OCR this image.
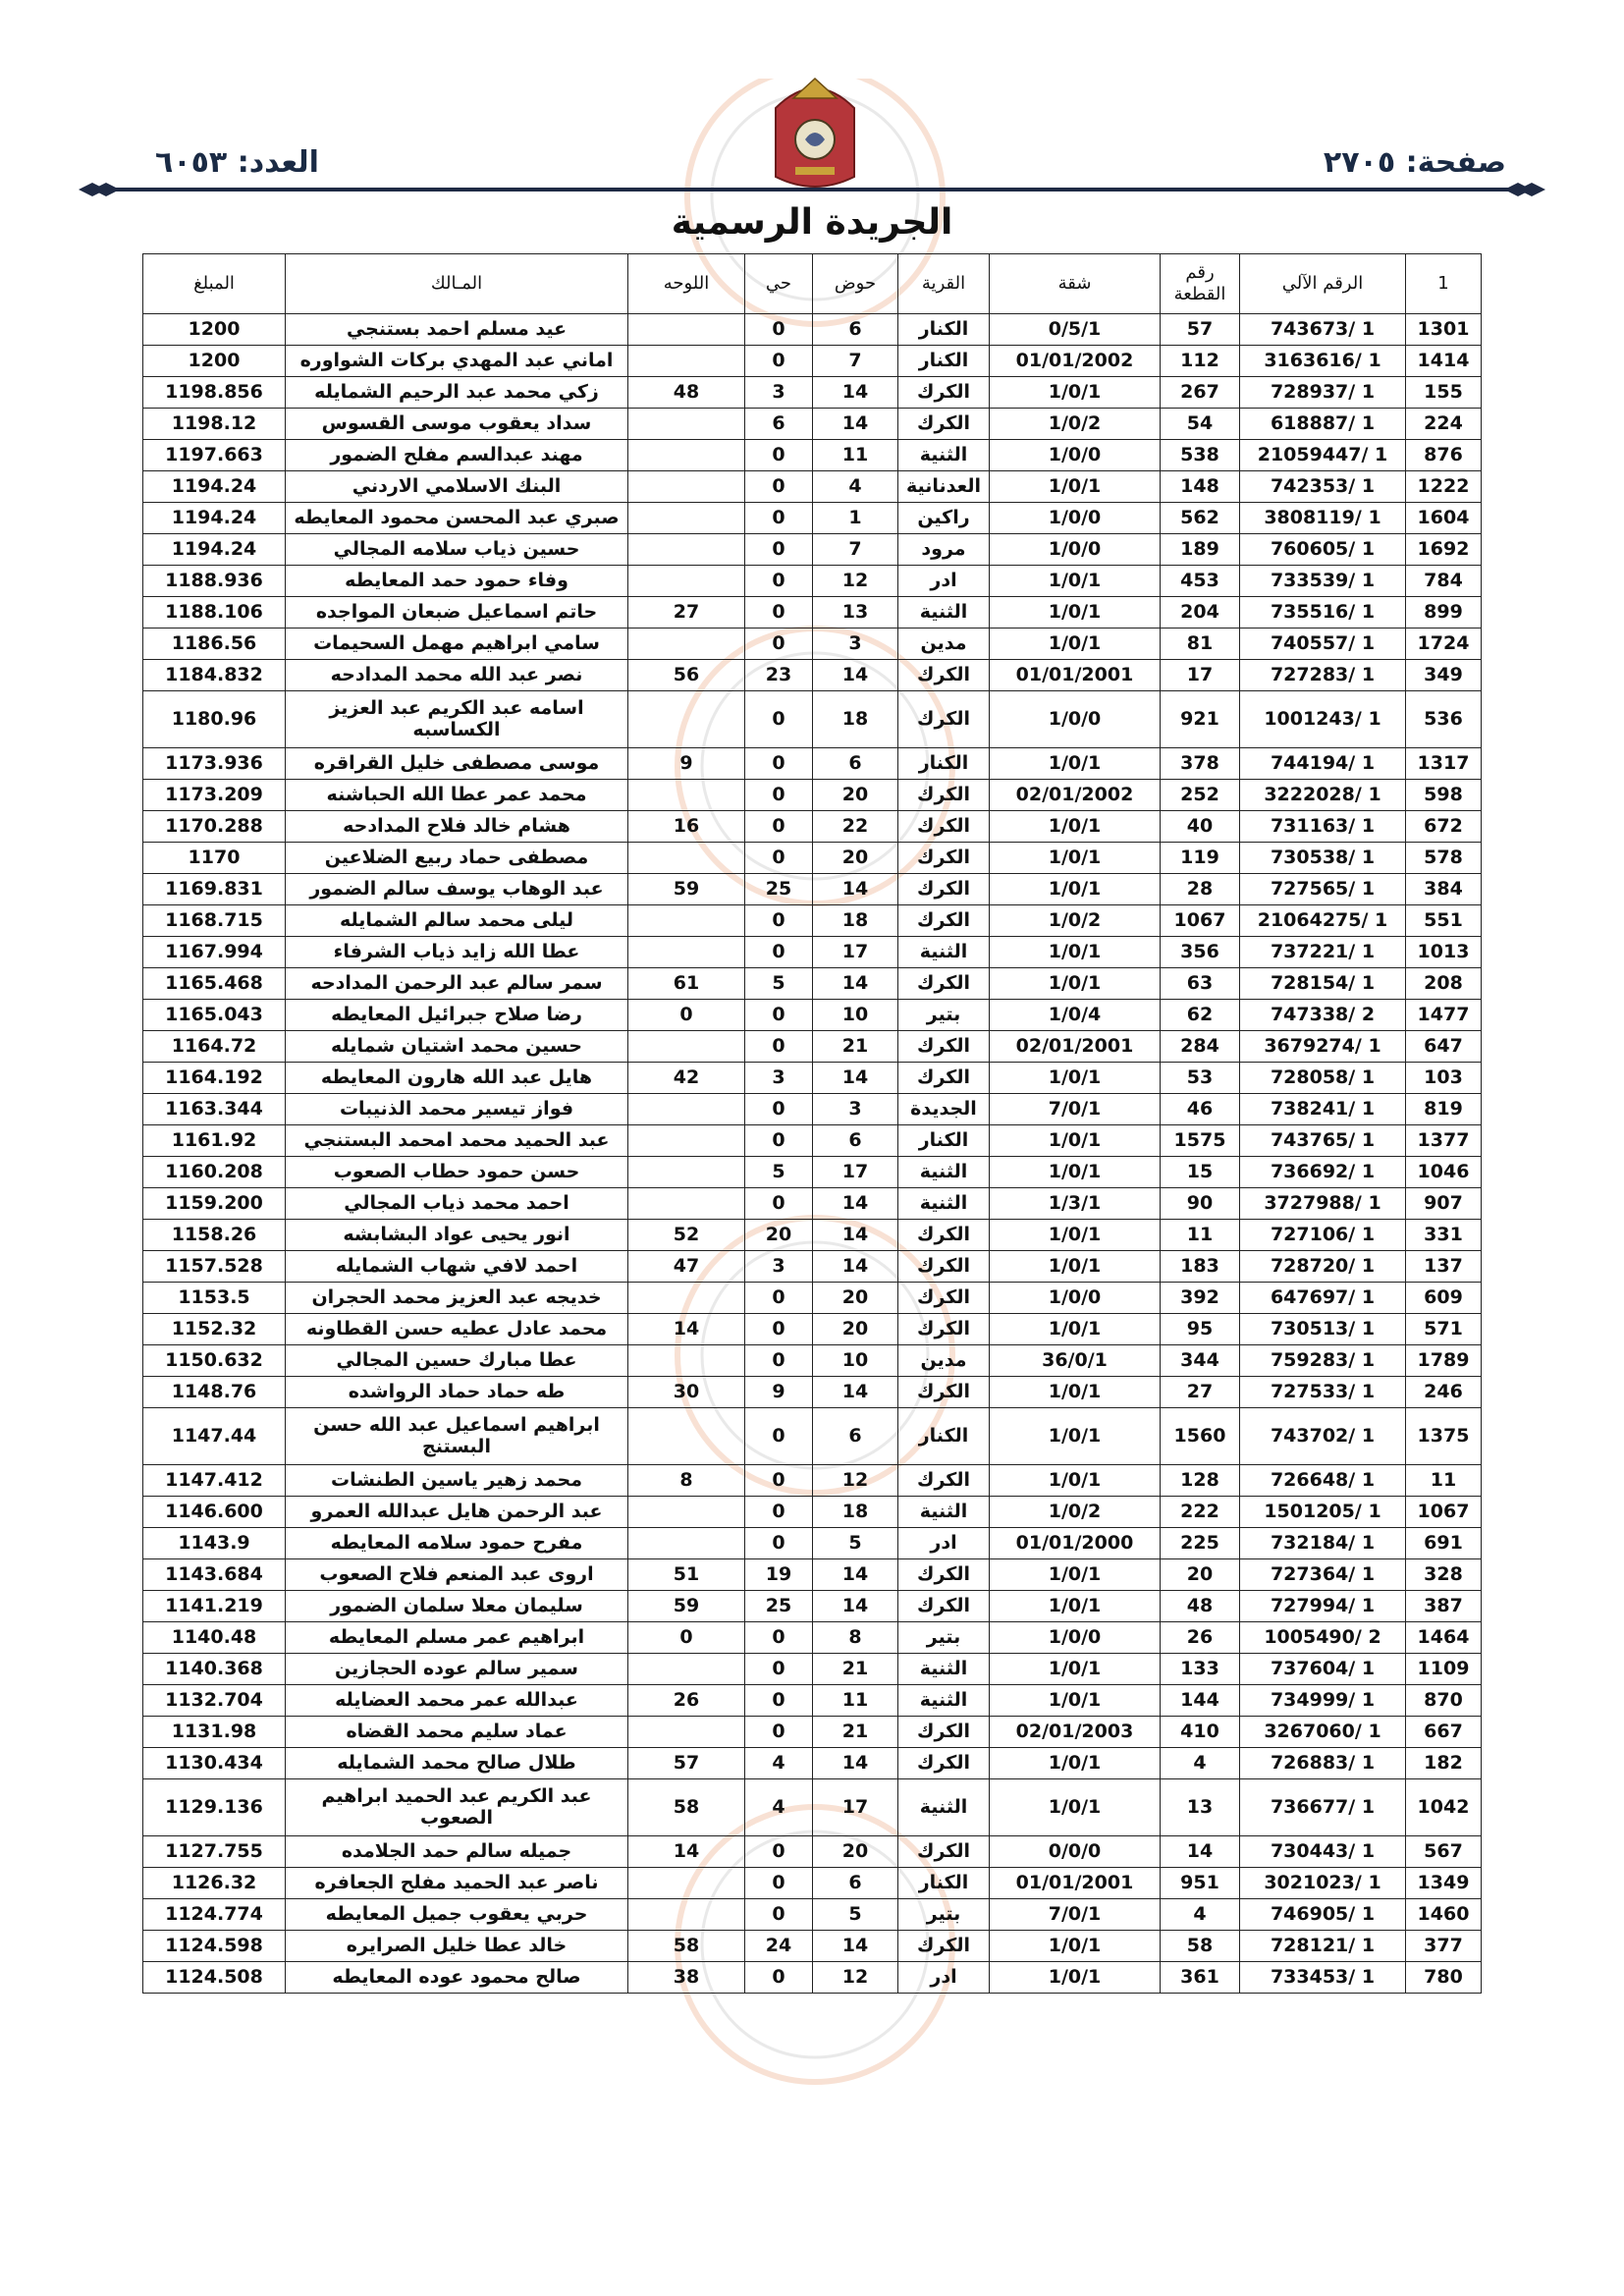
صفحة: ٢٧٠٥
العدد: ٦٠٥٣
الجريدة الرسمية
1	الرقم الآلي	رقم القطعة	شقة	القرية	حوض	حي	اللوحه	المـالك	المبلغ
1301	1 /743673	57	0/5/1	الكنار	6	0		عيد مسلم احمد بستنجي	1200
1414	1 /3163616	112	01/01/2002	الكنار	7	0		اماني عبد المهدي بركات الشواوره	1200
155	1 /728937	267	1/0/1	الكرك	14	3	48	زكي محمد عبد الرحيم الشمايله	1198.856
224	1 /618887	54	1/0/2	الكرك	14	6		سداد يعقوب موسى القسوس	1198.12
876	1 /21059447	538	1/0/0	الثنية	11	0		مهند عبدالسم مفلح الضمور	1197.663
1222	1 /742353	148	1/0/1	العدنانية	4	0		البنك الاسلامي الاردني	1194.24
1604	1 /3808119	562	1/0/0	راكين	1	0		صبري عبد المحسن محمود المعايطه	1194.24
1692	1 /760605	189	1/0/0	مرود	7	0		حسين ذياب سلامه المجالي	1194.24
784	1 /733539	453	1/0/1	ادر	12	0		وفاء حمود حمد المعايطه	1188.936
899	1 /735516	204	1/0/1	الثنية	13	0	27	حاتم اسماعيل ضبعان المواجده	1188.106
1724	1 /740557	81	1/0/1	مدين	3	0		سامي ابراهيم مهمل السحيمات	1186.56
349	1 /727283	17	01/01/2001	الكرك	14	23	56	نصر عبد الله محمد المدادحه	1184.832
536	1 /1001243	921	1/0/0	الكرك	18	0		اسامه عبد الكريم عبد العزيز الكساسبه	1180.96
1317	1 /744194	378	1/0/1	الكنار	6	0	9	موسى مصطفى خليل القراقره	1173.936
598	1 /3222028	252	02/01/2002	الكرك	20	0		محمد عمر عطا الله الحباشنه	1173.209
672	1 /731163	40	1/0/1	الكرك	22	0	16	هشام خالد فلاح المدادحه	1170.288
578	1 /730538	119	1/0/1	الكرك	20	0		مصطفى حماد ربيع الضلاعين	1170
384	1 /727565	28	1/0/1	الكرك	14	25	59	عبد الوهاب يوسف سالم الضمور	1169.831
551	1 /21064275	1067	1/0/2	الكرك	18	0		ليلى محمد سالم الشمايله	1168.715
1013	1 /737221	356	1/0/1	الثنية	17	0		عطا الله زايد ذياب الشرفاء	1167.994
208	1 /728154	63	1/0/1	الكرك	14	5	61	سمر سالم عبد الرحمن المدادحه	1165.468
1477	2 /747338	62	1/0/4	بتير	10	0	0	رضا صلاح جبرائيل المعايطه	1165.043
647	1 /3679274	284	02/01/2001	الكرك	21	0		حسين محمد اشتيان شمايله	1164.72
103	1 /728058	53	1/0/1	الكرك	14	3	42	هايل عبد الله هارون المعايطه	1164.192
819	1 /738241	46	7/0/1	الجديدة	3	0		فواز تيسير محمد الذنيبات	1163.344
1377	1 /743765	1575	1/0/1	الكنار	6	0		عبد الحميد محمد امحمد البستنجي	1161.92
1046	1 /736692	15	1/0/1	الثنية	17	5		حسن حمود حطاب الصعوب	1160.208
907	1 /3727988	90	1/3/1	الثنية	14	0		احمد محمد ذياب المجالي	1159.200
331	1 /727106	11	1/0/1	الكرك	14	20	52	انور يحيى عواد البشابشه	1158.26
137	1 /728720	183	1/0/1	الكرك	14	3	47	احمد لافي شهاب الشمايله	1157.528
609	1 /647697	392	1/0/0	الكرك	20	0		خديجه عبد العزيز محمد الحجران	1153.5
571	1 /730513	95	1/0/1	الكرك	20	0	14	محمد عادل عطيه حسن القطاونه	1152.32
1789	1 /759283	344	36/0/1	مدين	10	0		عطا مبارك حسين المجالي	1150.632
246	1 /727533	27	1/0/1	الكرك	14	9	30	طه حماد حماد الرواشده	1148.76
1375	1 /743702	1560	1/0/1	الكنار	6	0		ابراهيم اسماعيل عبد الله حسن البستنج	1147.44
11	1 /726648	128	1/0/1	الكرك	12	0	8	محمد زهير ياسين الطنشات	1147.412
1067	1 /1501205	222	1/0/2	الثنية	18	0		عبد الرحمن هايل عبدالله العمرو	1146.600
691	1 /732184	225	01/01/2000	ادر	5	0		مفرح حمود سلامه المعايطه	1143.9
328	1 /727364	20	1/0/1	الكرك	14	19	51	اروى عبد المنعم فلاح الصعوب	1143.684
387	1 /727994	48	1/0/1	الكرك	14	25	59	سليمان معلا سلمان الضمور	1141.219
1464	2 /1005490	26	1/0/0	بتير	8	0	0	ابراهيم عمر مسلم المعايطه	1140.48
1109	1 /737604	133	1/0/1	الثنية	21	0		سمير سالم عوده الحجازين	1140.368
870	1 /734999	144	1/0/1	الثنية	11	0	26	عبدالله عمر محمد العضايله	1132.704
667	1 /3267060	410	02/01/2003	الكرك	21	0		عماد سليم محمد القضاه	1131.98
182	1 /726883	4	1/0/1	الكرك	14	4	57	طلال صالح محمد الشمايله	1130.434
1042	1 /736677	13	1/0/1	الثنية	17	4	58	عبد الكريم عبد الحميد ابراهيم الصعوب	1129.136
567	1 /730443	14	0/0/0	الكرك	20	0	14	جميله سالم حمد الجلامده	1127.755
1349	1 /3021023	951	01/01/2001	الكنار	6	0		ناصر عبد الحميد مفلح الجعافره	1126.32
1460	1 /746905	4	7/0/1	بتير	5	0		حربي يعقوب جميل المعايطه	1124.774
377	1 /728121	58	1/0/1	الكرك	14	24	58	خالد عطا خليل الصرايره	1124.598
780	1 /733453	361	1/0/1	ادر	12	0	38	صالح محمود عوده المعايطه	1124.508
